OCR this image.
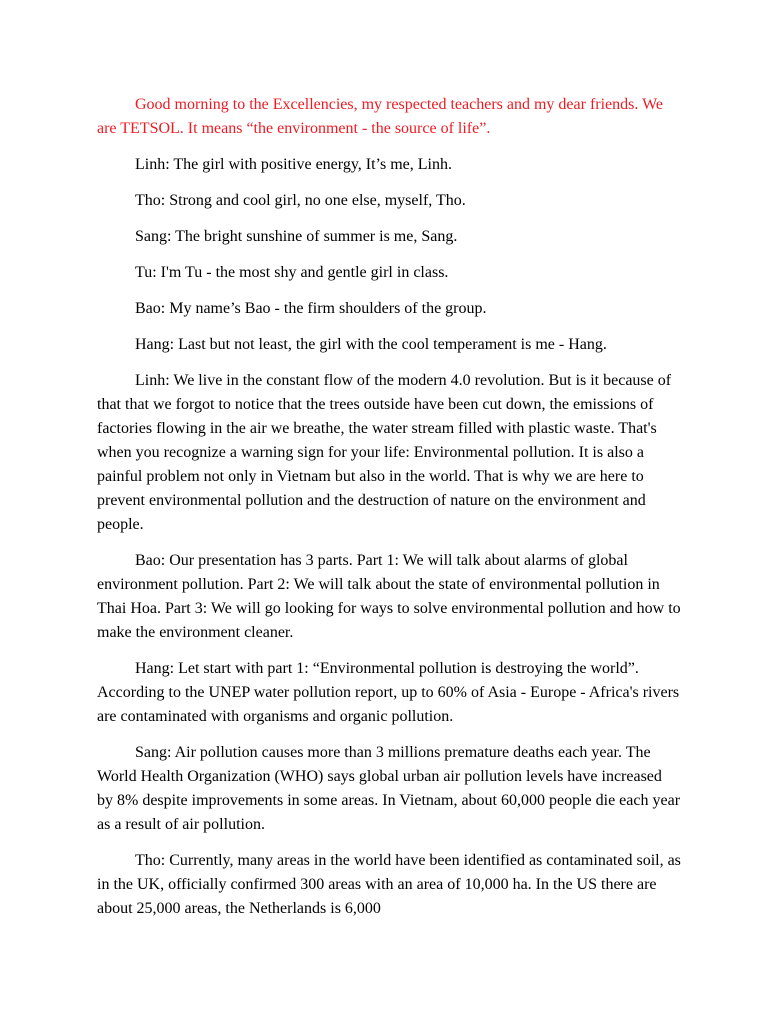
Good morning to the Excellencies, my respected teachers and my dear friends. We are TETSOL. It means “the environment - the source of life”.

Linh: The girl with positive energy, It’s me, Linh.

Tho: Strong and cool girl, no one else, myself, Tho.

Sang: The bright sunshine of summer is me, Sang.

Tu: I'm Tu - the most shy and gentle girl in class.

Bao: My name’s Bao - the firm shoulders of the group.

Hang: Last but not least, the girl with the cool temperament is me - Hang.

Linh: We live in the constant flow of the modern 4.0 revolution. But is it because of that that we forgot to notice that the trees outside have been cut down, the emissions of factories flowing in the air we breathe, the water stream filled with plastic waste. That's when you recognize a warning sign for your life: Environmental pollution. It is also a painful problem not only in Vietnam but also in the world. That is why we are here to prevent environmental pollution and the destruction of nature on the environment and people.

Bao: Our presentation has 3 parts. Part 1: We will talk about alarms of global environment pollution. Part 2: We will talk about the state of environmental pollution in Thai Hoa. Part 3: We will go looking for ways to solve environmental pollution and how to make the environment cleaner.

Hang: Let start with part 1: “Environmental pollution is destroying the world”. According to the UNEP water pollution report, up to 60% of Asia - Europe - Africa's rivers are contaminated with organisms and organic pollution.

Sang: Air pollution causes more than 3 millions premature deaths each year. The World Health Organization (WHO) says global urban air pollution levels have increased by 8% despite improvements in some areas. In Vietnam, about 60,000 people die each year as a result of air pollution.

Tho: Currently, many areas in the world have been identified as contaminated soil, as in the UK, officially confirmed 300 areas with an area of 10,000 ha. In the US there are about 25,000 areas, the Netherlands is 6,000
